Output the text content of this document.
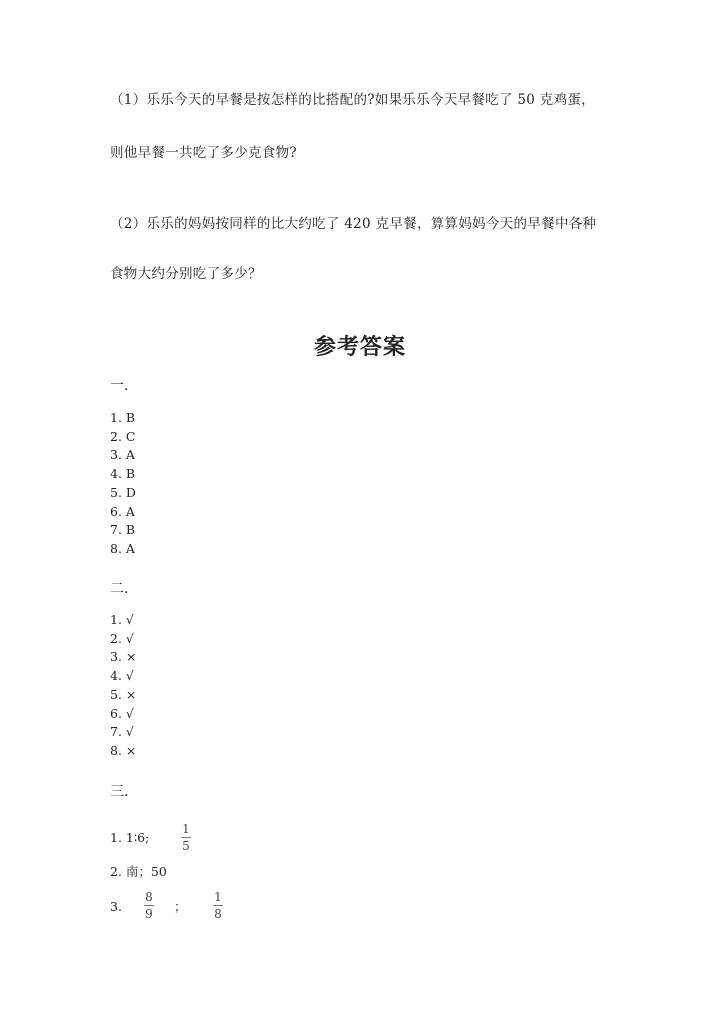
（1）乐乐今天的早餐是按怎样的比搭配的?如果乐乐今天早餐吃了 50 克鸡蛋，
则他早餐一共吃了多少克食物?
（2）乐乐的妈妈按同样的比大约吃了 420 克早餐，算算妈妈今天的早餐中各种
食物大约分别吃了多少？
参考答案
一.
1. B
2. C
3. A
4. B
5. D
6. A
7. B
8. A
二.
1. √
2. √
3. ×
4. √
5. ×
6. √
7. √
8. ×
三.
1. 1∶6;
1
5
2. 南；50
3.
8
9 ；
1
8
